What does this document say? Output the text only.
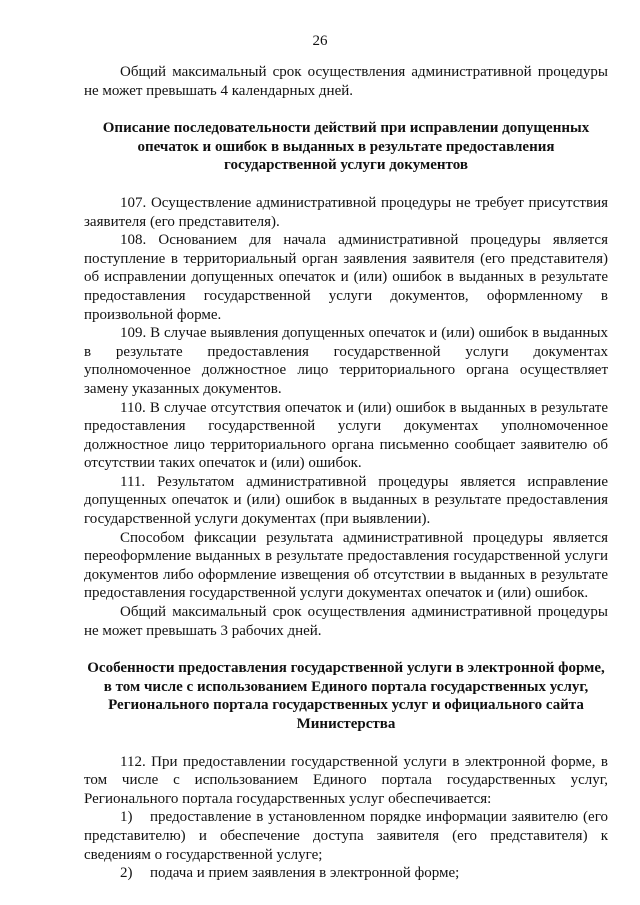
26

Общий максимальный срок осуществления административной процедуры не может превышать 4 календарных дней.

Описание последовательности действий при исправлении допущенных опечаток и ошибок в выданных в результате предоставления государственной услуги документов

107. Осуществление административной процедуры не требует присутствия заявителя (его представителя).

108. Основанием для начала административной процедуры является поступление в территориальный орган заявления заявителя (его представителя) об исправлении допущенных опечаток и (или) ошибок в выданных в результате предоставления государственной услуги документов, оформленному в произвольной форме.

109. В случае выявления допущенных опечаток и (или) ошибок в выданных в результате предоставления государственной услуги документах уполномоченное должностное лицо территориального органа осуществляет замену указанных документов.

110. В случае отсутствия опечаток и (или) ошибок в выданных в результате предоставления государственной услуги документах уполномоченное должностное лицо территориального органа письменно сообщает заявителю об отсутствии таких опечаток и (или) ошибок.

111. Результатом административной процедуры является исправление допущенных опечаток и (или) ошибок в выданных в результате предоставления государственной услуги документах (при выявлении).

Способом фиксации результата административной процедуры является переоформление выданных в результате предоставления государственной услуги документов либо оформление извещения об отсутствии в выданных в результате предоставления государственной услуги документах опечаток и (или) ошибок.

Общий максимальный срок осуществления административной процедуры не может превышать 3 рабочих дней.

Особенности предоставления государственной услуги в электронной форме, в том числе с использованием Единого портала государственных услуг, Регионального портала государственных услуг и официального сайта Министерства

112. При предоставлении государственной услуги в электронной форме, в том числе с использованием Единого портала государственных услуг, Регионального портала государственных услуг обеспечивается:

1) предоставление в установленном порядке информации заявителю (его представителю) и обеспечение доступа заявителя (его представителя) к сведениям о государственной услуге;

2) подача и прием заявления в электронной форме;
